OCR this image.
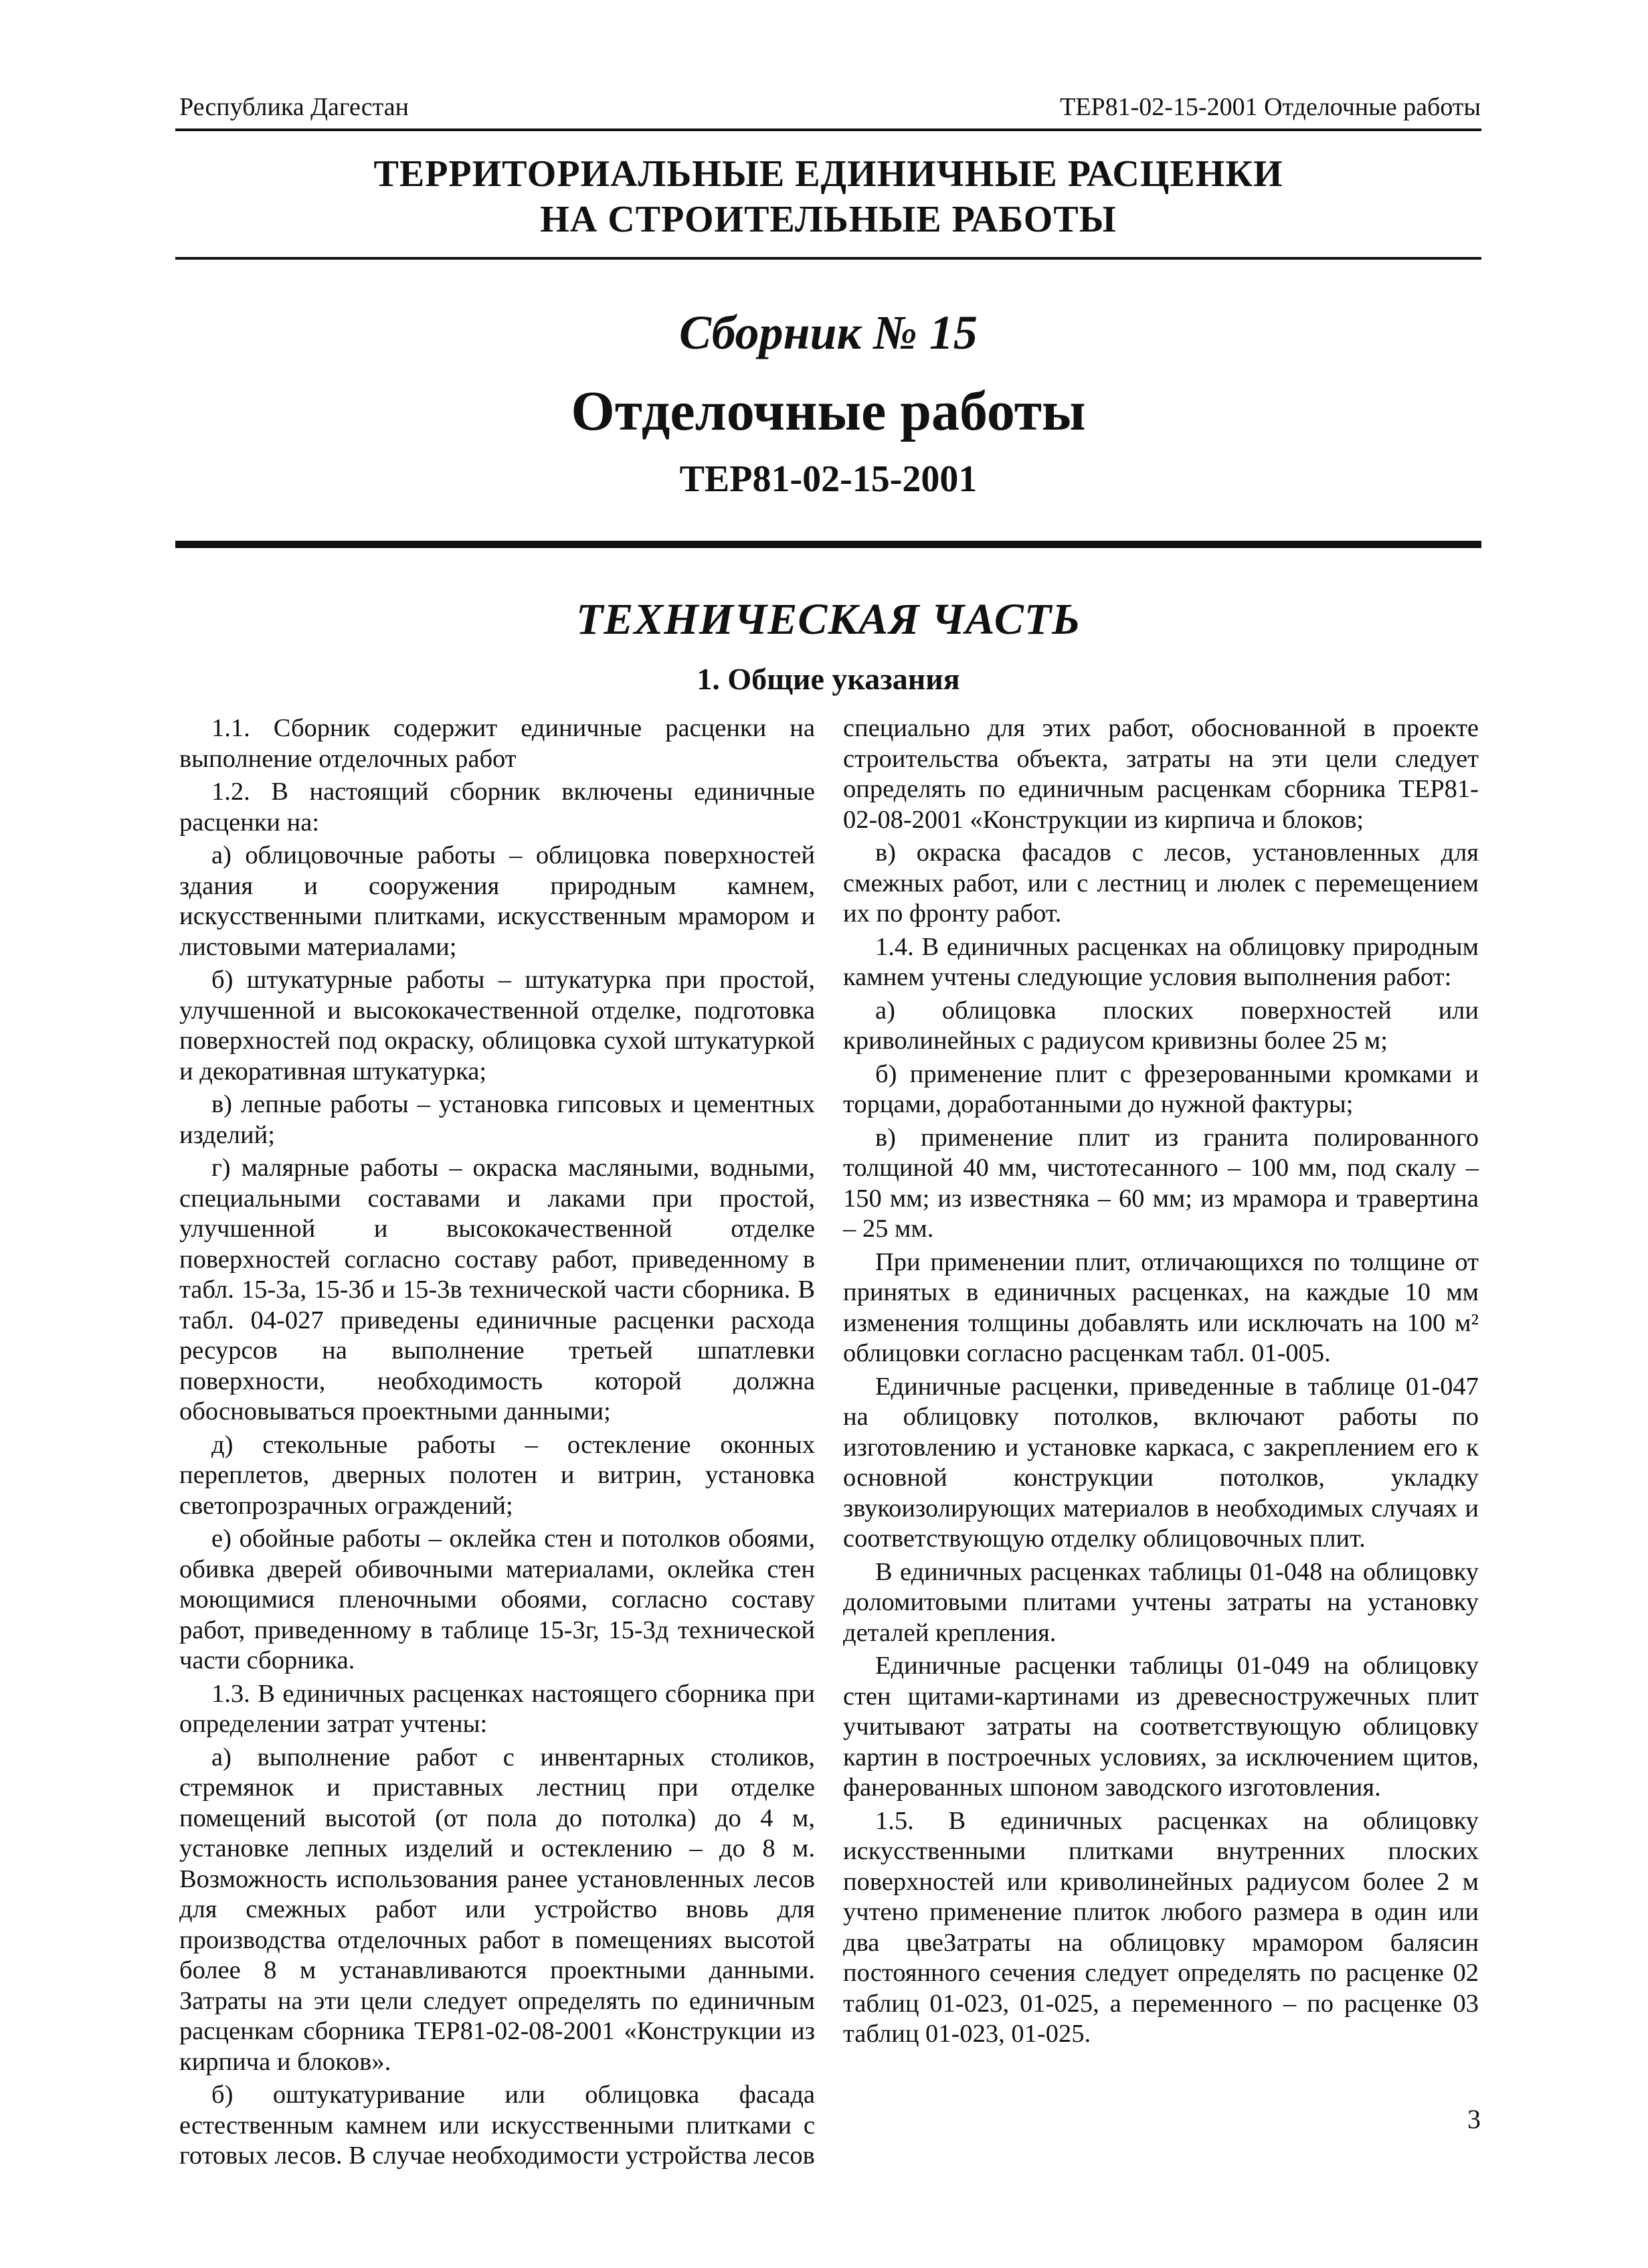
Республика Дагестан	ТЕР81-02-15-2001 Отделочные работы
ТЕРРИТОРИАЛЬНЫЕ ЕДИНИЧНЫЕ РАСЦЕНКИ
НА СТРОИТЕЛЬНЫЕ РАБОТЫ
Сборник № 15
Отделочные работы
ТЕР81-02-15-2001
ТЕХНИЧЕСКАЯ ЧАСТЬ
1. Общие указания

1.1. Сборник содержит единичные расценки на выполнение отделочных работ

1.2. В настоящий сборник включены единичные расценки на:

а) облицовочные работы – облицовка поверхностей здания и сооружения природным камнем, искусственными плитками, искусственным мрамором и листовыми материалами;

б) штукатурные работы – штукатурка при простой, улучшенной и высококачественной отделке, подготовка поверхностей под окраску, облицовка сухой штукатуркой и декоративная штукатурка;

в) лепные работы – установка гипсовых и цементных изделий;

г) малярные работы – окраска масляными, водными, специальными составами и лаками при простой, улучшенной и высококачественной отделке поверхностей согласно составу работ, приведенному в табл. 15-3а, 15-3б и 15-3в технической части сборника. В табл. 04-027 приведены единичные расценки расхода ресурсов на выполнение третьей шпатлевки поверхности, необходимость которой должна обосновываться проектными данными;

д) стекольные работы – остекление оконных переплетов, дверных полотен и витрин, установка светопрозрачных ограждений;

е) обойные работы – оклейка стен и потолков обоями, обивка дверей обивочными материалами, оклейка стен моющимися пленочными обоями, согласно составу работ, приведенному в таблице 15-3г, 15-3д технической части сборника.

1.3. В единичных расценках настоящего сборника при определении затрат учтены:

а) выполнение работ с инвентарных столиков, стремянок и приставных лестниц при отделке помещений высотой (от пола до потолка) до 4 м, установке лепных изделий и остеклению – до 8 м. Возможность использования ранее установленных лесов для смежных работ или устройство вновь для производства отделочных работ в помещениях высотой более 8 м устанавливаются проектными данными. Затраты на эти цели следует определять по единичным расценкам сборника ТЕР81-02-08-2001 «Конструкции из кирпича и блоков».

б) оштукатуривание или облицовка фасада естественным камнем или искусственными плитками с готовых лесов. В случае необходимости устройства лесов

специально для этих работ, обоснованной в проекте строительства объекта, затраты на эти цели следует определять по единичным расценкам сборника ТЕР81-02-08-2001 «Конструкции из кирпича и блоков;

в) окраска фасадов с лесов, установленных для смежных работ, или с лестниц и люлек с перемещением их по фронту работ.

1.4. В единичных расценках на облицовку природным камнем учтены следующие условия выполнения работ:

а) облицовка плоских поверхностей или криволинейных с радиусом кривизны более 25 м;

б) применение плит с фрезерованными кромками и торцами, доработанными до нужной фактуры;

в) применение плит из гранита полированного толщиной 40 мм, чистотесанного – 100 мм, под скалу – 150 мм; из известняка – 60 мм; из мрамора и травертина – 25 мм.

При применении плит, отличающихся по толщине от принятых в единичных расценках, на каждые 10 мм изменения толщины добавлять или исключать на 100 м² облицовки согласно расценкам табл. 01-005.

Единичные расценки, приведенные в таблице 01-047 на облицовку потолков, включают работы по изготовлению и установке каркаса, с закреплением его к основной конструкции потолков, укладку звукоизолирующих материалов в необходимых случаях и соответствующую отделку облицовочных плит.

В единичных расценках таблицы 01-048 на облицовку доломитовыми плитами учтены затраты на установку деталей крепления.

Единичные расценки таблицы 01-049 на облицовку стен щитами-картинами из древесностружечных плит учитывают затраты на соответствующую облицовку картин в построечных условиях, за исключением щитов, фанерованных шпоном заводского изготовления.

1.5. В единичных расценках на облицовку искусственными плитками внутренних плоских поверхностей или криволинейных радиусом более 2 м учтено применение плиток любого размера в один или два цвеЗатраты на облицовку мрамором балясин постоянного сечения следует определять по расценке 02 таблиц 01-023, 01-025, а переменного – по расценке 03 таблиц 01-023, 01-025.

3
